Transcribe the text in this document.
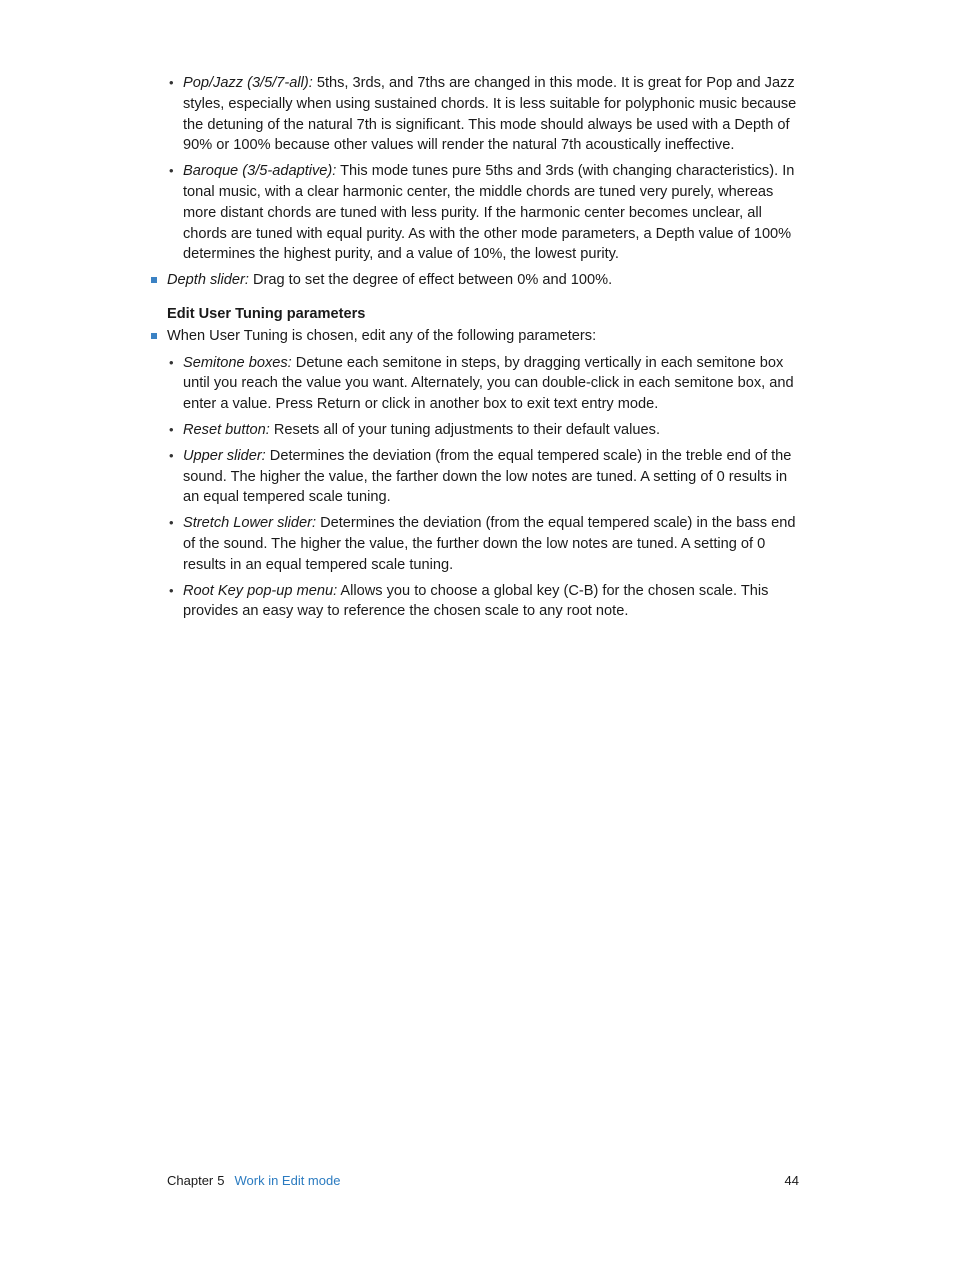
• Pop/Jazz (3/5/7-all): 5ths, 3rds, and 7ths are changed in this mode. It is great for Pop and Jazz styles, especially when using sustained chords. It is less suitable for polyphonic music because the detuning of the natural 7th is significant. This mode should always be used with a Depth of 90% or 100% because other values will render the natural 7th acoustically ineffective.
• Baroque (3/5-adaptive): This mode tunes pure 5ths and 3rds (with changing characteristics). In tonal music, with a clear harmonic center, the middle chords are tuned very purely, whereas more distant chords are tuned with less purity. If the harmonic center becomes unclear, all chords are tuned with equal purity. As with the other mode parameters, a Depth value of 100% determines the highest purity, and a value of 10%, the lowest purity.
Depth slider: Drag to set the degree of effect between 0% and 100%.
Edit User Tuning parameters
When User Tuning is chosen, edit any of the following parameters:
• Semitone boxes: Detune each semitone in steps, by dragging vertically in each semitone box until you reach the value you want. Alternately, you can double-click in each semitone box, and enter a value. Press Return or click in another box to exit text entry mode.
• Reset button: Resets all of your tuning adjustments to their default values.
• Upper slider: Determines the deviation (from the equal tempered scale) in the treble end of the sound. The higher the value, the farther down the low notes are tuned. A setting of 0 results in an equal tempered scale tuning.
• Stretch Lower slider: Determines the deviation (from the equal tempered scale) in the bass end of the sound. The higher the value, the further down the low notes are tuned. A setting of 0 results in an equal tempered scale tuning.
• Root Key pop-up menu: Allows you to choose a global key (C-B) for the chosen scale. This provides an easy way to reference the chosen scale to any root note.
Chapter 5 Work in Edit mode	44
